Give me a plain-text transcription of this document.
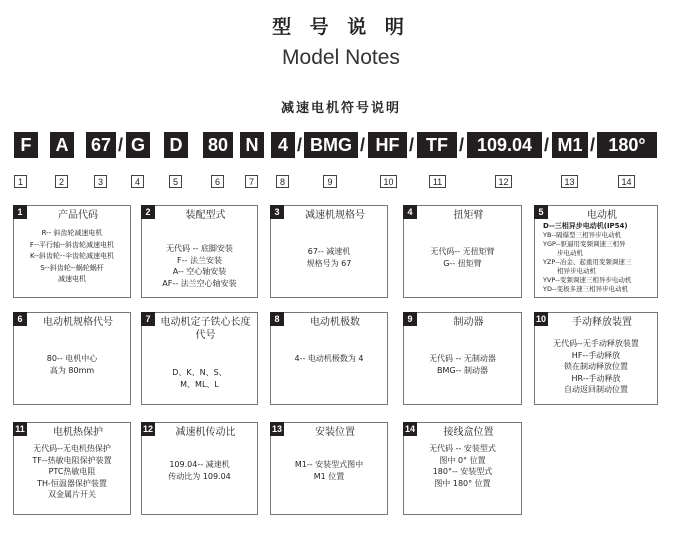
型 号 说 明
Model Notes
减速电机符号说明
F	A	67 / G	D	80 N	4 / BMG / HF / TF / 109.04 / M1 / 180°
1	2	3	4	5	6	7	8	9	10	11	12	13	14
1	产品代码
R-- 斜齿轮减速电机
F--平行轴--斜齿轮减速电机
K--斜齿轮--伞齿轮减速电机
S--斜齿轮--蜗轮蜗杆
减速电机
2	装配型式
无代码 -- 底脚安装
F-- 法兰安装
A-- 空心轴安装
AF-- 法兰空心轴安装
3	减速机规格号
67-- 减速机
规格号为 67
4	扭矩臂
无代码-- 无扭矩臂
G-- 扭矩臂
5	电动机
D--三相异步电动机(IP54)
YB--隔爆型三相异步电动机
YGP--驱逼用变频调速三相异
步电动机
YZP--冶金、起重用变频调速三
相异步电动机
YVP--变频调速三相异步电动机
YD--变极多速三相异步电动机
6	电动机规格代号
80-- 电机中心
高为 80mm
7	电动机定子铁心长度代号
D、K、N、S、
M、ML、L
8	电动机极数
4-- 电动机极数为 4
9	制动器
无代码 -- 无制动器
BMG-- 制动器
10	手动释放装置
无代码--无手动释放装置
HF--手动释放
锁在制动释放位置
HR--手动释放
自动返回制动位置
11	电机热保护
无代码--无电机热保护
TF--热敏电阻保护装置
PTC热敏电阻
TH-恒温器保护装置
双金属片开关
12	减速机传动比
109.04-- 减速机
传动比为 109.04
13	安装位置
M1-- 安装型式图中
M1 位置
14	接线盒位置
无代码 -- 安装型式
图中 0° 位置
180°-- 安装型式
图中 180° 位置
